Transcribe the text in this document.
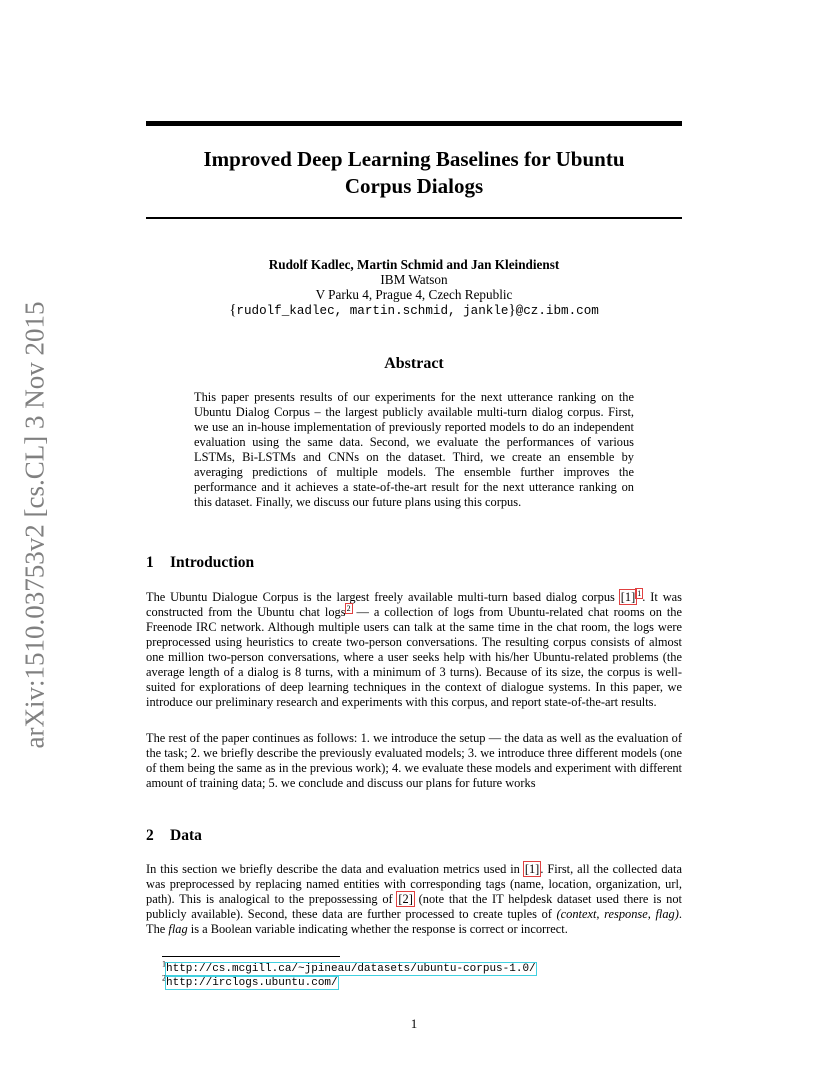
arXiv:1510.03753v2 [cs.CL] 3 Nov 2015
Improved Deep Learning Baselines for Ubuntu
Corpus Dialogs
Rudolf Kadlec, Martin Schmid and Jan Kleindienst
IBM Watson
V Parku 4, Prague 4, Czech Republic
{rudolf_kadlec, martin.schmid, jankle}@cz.ibm.com
Abstract

This paper presents results of our experiments for the next utterance ranking on the Ubuntu Dialog Corpus – the largest publicly available multi-turn dialog corpus. First, we use an in-house implementation of previously reported models to do an independent evaluation using the same data. Second, we evaluate the performances of various LSTMs, Bi-LSTMs and CNNs on the dataset. Third, we create an ensemble by averaging predictions of multiple models. The ensemble further improves the performance and it achieves a state-of-the-art result for the next utterance ranking on this dataset. Finally, we discuss our future plans using this corpus.

1 Introduction

The Ubuntu Dialogue Corpus is the largest freely available multi-turn based dialog corpus [1] $^1$. It was constructed from the Ubuntu chat logs$^2$ — a collection of logs from Ubuntu-related chat rooms on the Freenode IRC network. Although multiple users can talk at the same time in the chat room, the logs were preprocessed using heuristics to create two-person conversations. The resulting corpus consists of almost one million two-person conversations, where a user seeks help with his/her Ubuntu-related problems (the average length of a dialog is 8 turns, with a minimum of 3 turns). Because of its size, the corpus is well-suited for explorations of deep learning techniques in the context of dialogue systems. In this paper, we introduce our preliminary research and experiments with this corpus, and report state-of-the-art results.

The rest of the paper continues as follows: 1. we introduce the setup — the data as well as the evaluation of the task; 2. we briefly describe the previously evaluated models; 3. we introduce three different models (one of them being the same as in the previous work); 4. we evaluate these models and experiment with different amount of training data; 5. we conclude and discuss our plans for future works

2 Data

In this section we briefly describe the data and evaluation metrics used in [1]. First, all the collected data was preprocessed by replacing named entities with corresponding tags (name, location, organization, url, path). This is analogical to the prepossessing of [2] (note that the IT helpdesk dataset used there is not publicly available). Second, these data are further processed to create tuples of (context, response, flag). The flag is a Boolean variable indicating whether the response is correct or incorrect.

$^1$http://cs.mcgill.ca/~jpineau/datasets/ubuntu-corpus-1.0/
$^2$http://irclogs.ubuntu.com/
1
